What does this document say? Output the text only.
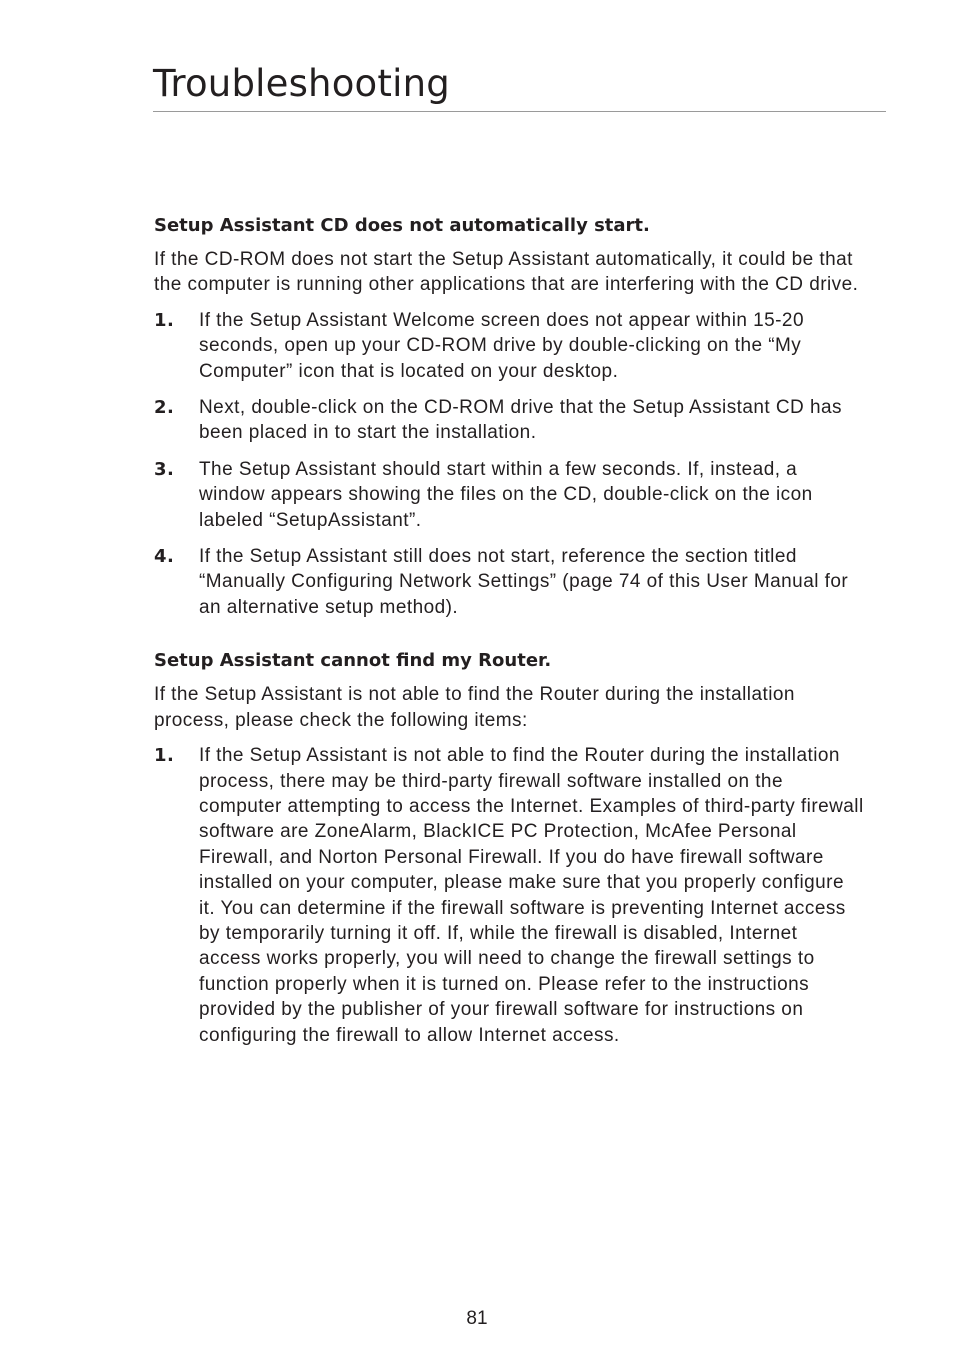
Troubleshooting
Setup Assistant CD does not automatically start.

If the CD-ROM does not start the Setup Assistant automatically, it could be that the computer is running other applications that are interfering with the CD drive.

1. If the Setup Assistant Welcome screen does not appear within 15-20 seconds, open up your CD-ROM drive by double-clicking on the “My Computer” icon that is located on your desktop.
2. Next, double-click on the CD-ROM drive that the Setup Assistant CD has been placed in to start the installation.
3. The Setup Assistant should start within a few seconds. If, instead, a window appears showing the files on the CD, double-click on the icon labeled “SetupAssistant”.
4. If the Setup Assistant still does not start, reference the section titled “Manually Configuring Network Settings” (page 74 of this User Manual for an alternative setup method).
Setup Assistant cannot find my Router.

If the Setup Assistant is not able to find the Router during the installation process, please check the following items:

1. If the Setup Assistant is not able to find the Router during the installation process, there may be third-party firewall software installed on the computer attempting to access the Internet. Examples of third-party firewall software are ZoneAlarm, BlackICE PC Protection, McAfee Personal Firewall, and Norton Personal Firewall. If you do have firewall software installed on your computer, please make sure that you properly configure it. You can determine if the firewall software is preventing Internet access by temporarily turning it off. If, while the firewall is disabled, Internet access works properly, you will need to change the firewall settings to function properly when it is turned on. Please refer to the instructions provided by the publisher of your firewall software for instructions on configuring the firewall to allow Internet access.
81
